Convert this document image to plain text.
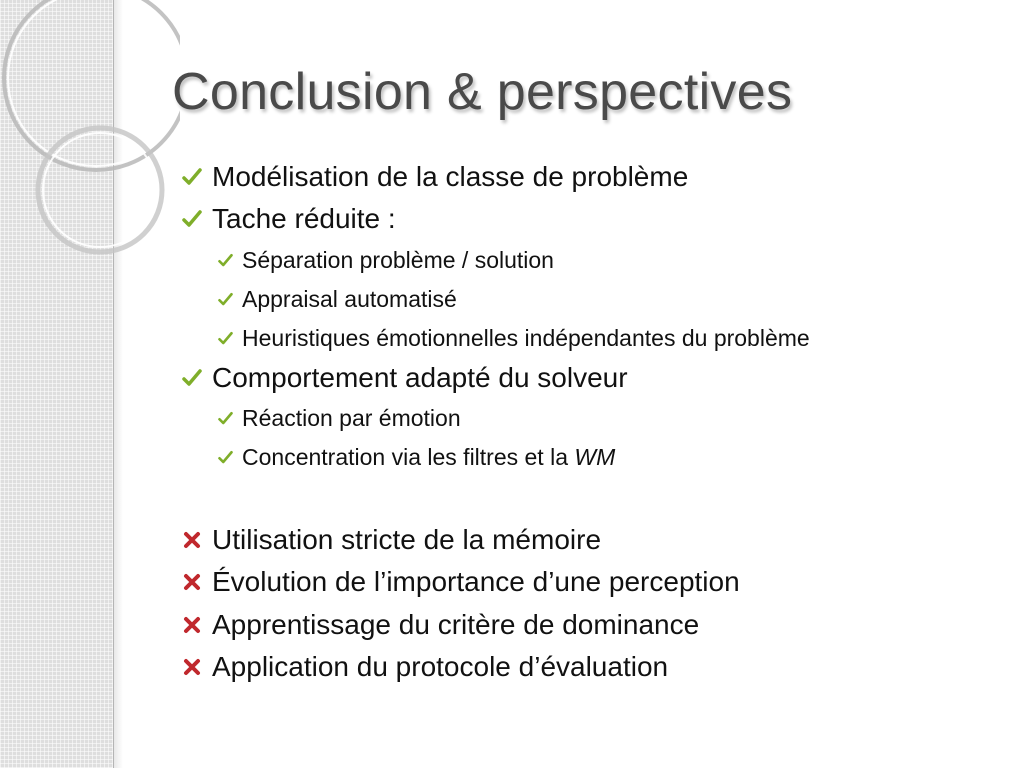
Conclusion & perspectives
Modélisation de la classe de problème
Tache réduite :
Séparation problème / solution
Appraisal automatisé
Heuristiques émotionnelles indépendantes du problème
Comportement adapté du solveur
Réaction par émotion
Concentration via les filtres et la WM
Utilisation stricte de la mémoire
Évolution de l’importance d’une perception
Apprentissage du critère de dominance
Application du protocole d’évaluation
